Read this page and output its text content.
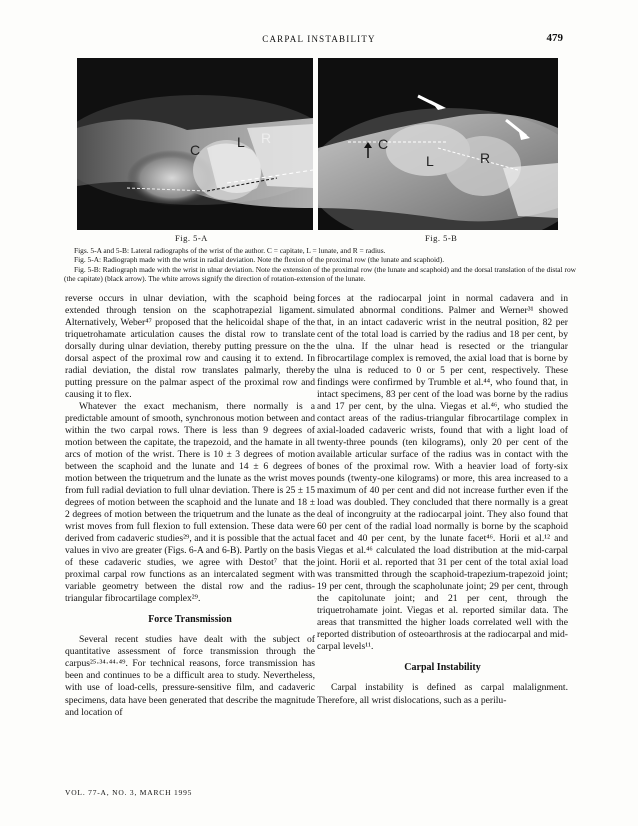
CARPAL INSTABILITY	479
C	L R	C
L	R
Fig. 5-A	Fig. 5-B

Figs. 5-A and 5-B: Lateral radiographs of the wrist of the author. C = capitate, L = lunate, and R = radius.

Fig. 5-A: Radiograph made with the wrist in radial deviation. Note the flexion of the proximal row (the lunate and scaphoid).

Fig. 5-B: Radiograph made with the wrist in ulnar deviation. Note the extension of the proximal row (the lunate and scaphoid) and the dorsal translation of the distal row (the capitate) (black arrow). The white arrows signify the direction of rotation-extension of the lunate.

reverse occurs in ulnar deviation, with the scaphoid being extended through tension on the scaphotrapezial ligament. Alternatively, Weber⁴⁷ proposed that the helicoidal shape of the triquetrohamate articulation causes the distal row to translate dorsally during ulnar deviation, thereby putting pressure on the dorsal aspect of the proximal row and causing it to extend. In radial deviation, the distal row translates palmarly, thereby putting pressure on the palmar aspect of the proximal row and causing it to flex.

Whatever the exact mechanism, there normally is a predictable amount of smooth, synchronous motion between and within the two carpal rows. There is less than 9 degrees of motion between the capitate, the trapezoid, and the hamate in all arcs of motion of the wrist. There is 10 ± 3 degrees of motion between the scaphoid and the lunate and 14 ± 6 degrees of motion between the triquetrum and the lunate as the wrist moves from full radial deviation to full ulnar deviation. There is 25 ± 15 degrees of motion between the scaphoid and the lunate and 18 ± 2 degrees of motion between the triquetrum and the lunate as the wrist moves from full flexion to full extension. These data were derived from cadaveric studies²⁹, and it is possible that the actual values in vivo are greater (Figs. 6-A and 6-B). Partly on the basis of these cadaveric studies, we agree with Destot⁷ that the proximal carpal row functions as an intercalated segment with variable geometry between the distal row and the radius-triangular fibrocartilage complex²⁹.

Force Transmission

Several recent studies have dealt with the subject of quantitative assessment of force transmission through the carpus²⁵·³⁴·⁴⁴·⁴⁹. For technical reasons, force transmission has been and continues to be a difficult area to study. Nevertheless, with use of load-cells, pressure-sensitive film, and cadaveric specimens, data have been generated that describe the magnitude and location of

forces at the radiocarpal joint in normal cadavera and in simulated abnormal conditions. Palmer and Werner³¹ showed that, in an intact cadaveric wrist in the neutral position, 82 per cent of the total load is carried by the radius and 18 per cent, by the ulna. If the ulnar head is resected or the triangular fibrocartilage complex is removed, the axial load that is borne by the ulna is reduced to 0 or 5 per cent, respectively. These findings were confirmed by Trumble et al.⁴⁴, who found that, in intact specimens, 83 per cent of the load was borne by the radius and 17 per cent, by the ulna. Viegas et al.⁴⁶, who studied the contact areas of the radius-triangular fibrocartilage complex in axial-loaded cadaveric wrists, found that with a light load of twenty-three pounds (ten kilograms), only 20 per cent of the available articular surface of the radius was in contact with the bones of the proximal row. With a heavier load of forty-six pounds (twenty-one kilograms) or more, this area increased to a maximum of 40 per cent and did not increase further even if the load was doubled. They concluded that there normally is a great deal of incongruity at the radiocarpal joint. They also found that 60 per cent of the radial load normally is borne by the scaphoid facet and 40 per cent, by the lunate facet⁴⁶. Horii et al.¹² and Viegas et al.⁴⁶ calculated the load distribution at the mid-carpal joint. Horii et al. reported that 31 per cent of the total axial load was transmitted through the scaphoid-trapezium-trapezoid joint; 19 per cent, through the scapholunate joint; 29 per cent, through the capitolunate joint; and 21 per cent, through the triquetrohamate joint. Viegas et al. reported similar data. The areas that transmitted the higher loads correlated well with the reported distribution of osteoarthrosis at the radiocarpal and mid-carpal levels¹¹.

Carpal Instability

Carpal instability is defined as carpal malalignment. Therefore, all wrist dislocations, such as a perilu-

VOL. 77-A, NO. 3, MARCH 1995
